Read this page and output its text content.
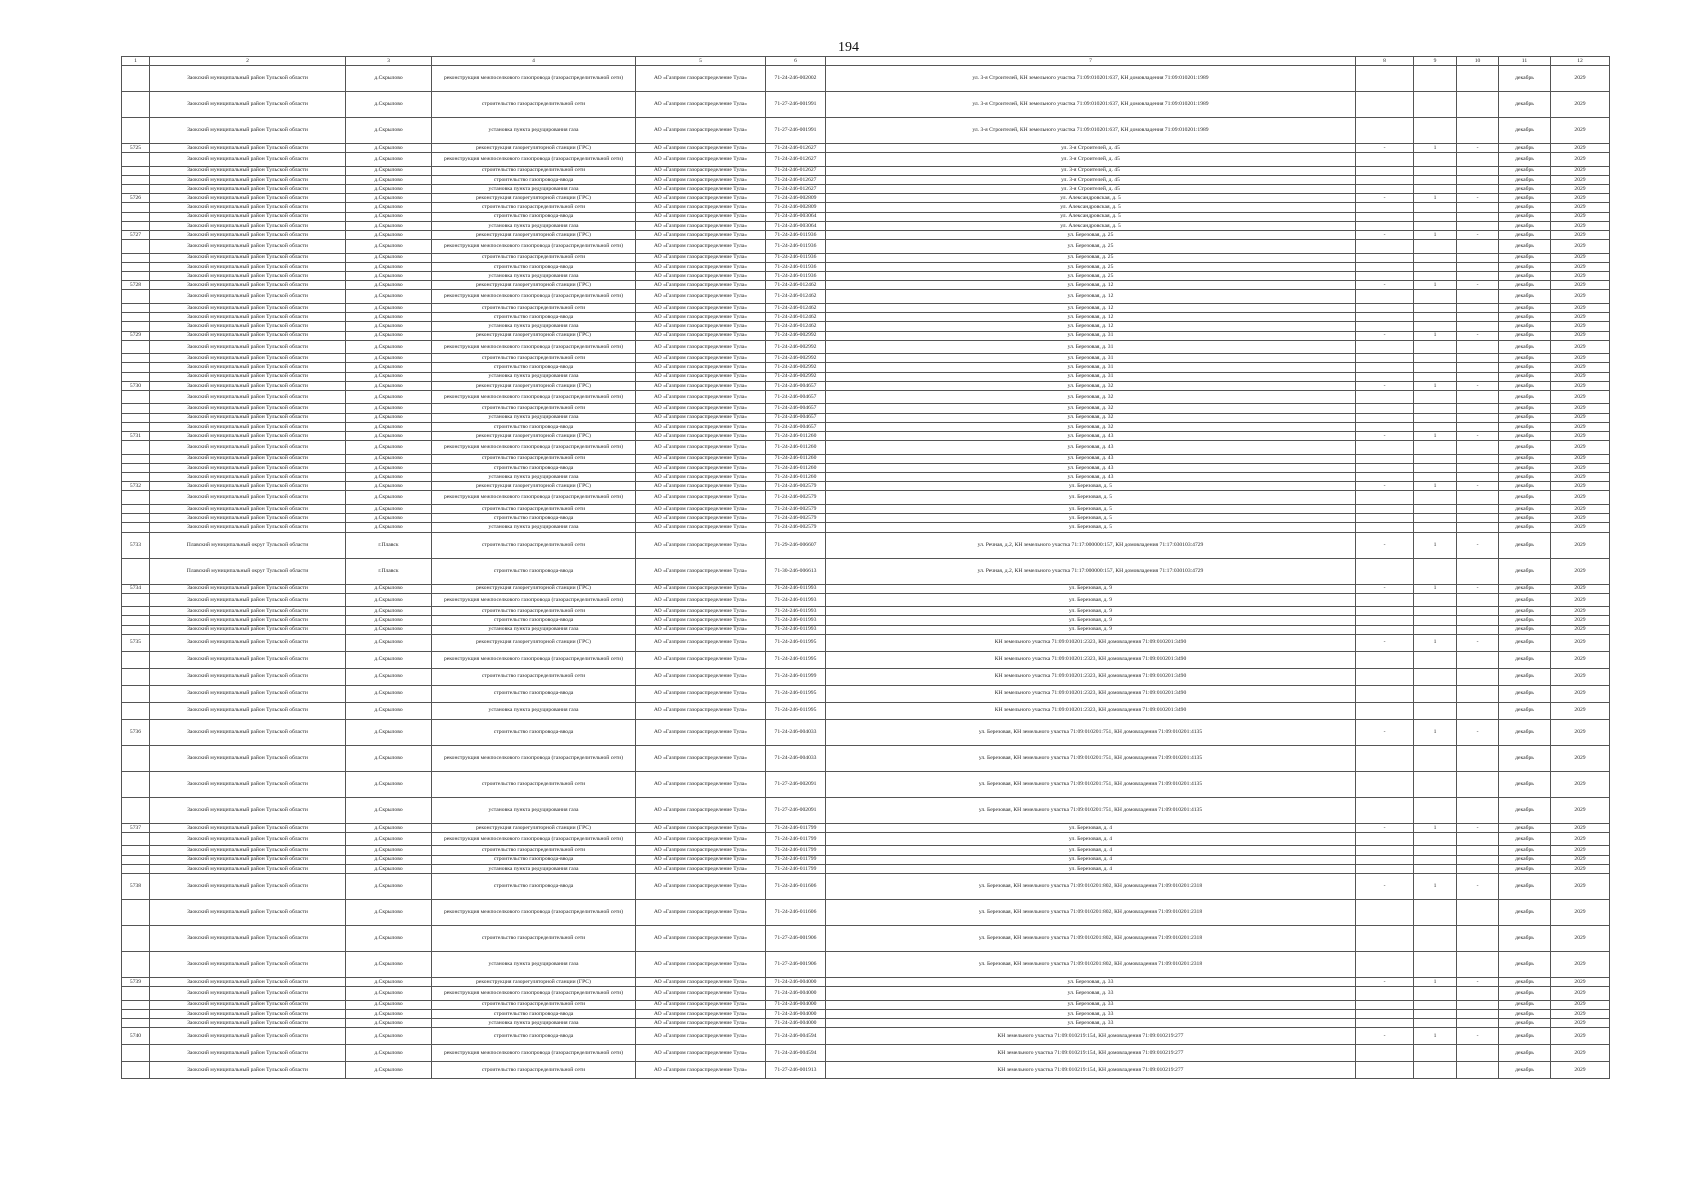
194
1	2	3	4	5	6	7	8	9	10	11	12
	Заокский муниципальный район Тульской области	д.Скрылово	реконструкция межпоселкового газопровода (газораспределительной сети)	АО «Газпром газораспределение Тула»	71-24-246-002002	ул. 3-я Строителей, КН земельного участка 71:09:010201:637, КН домовладения 71:09:010201:1989				декабрь	2029
	Заокский муниципальный район Тульской области	д.Скрылово	строительство газораспределительной сети	АО «Газпром газораспределение Тула»	71-27-246-001991	ул. 3-я Строителей, КН земельного участка 71:09:010201:637, КН домовладения 71:09:010201:1989				декабрь	2029
	Заокский муниципальный район Тульской области	д.Скрылово	установка пункта редуцирования газа	АО «Газпром газораспределение Тула»	71-27-246-001991	ул. 3-я Строителей, КН земельного участка 71:09:010201:637, КН домовладения 71:09:010201:1989				декабрь	2029
5725	Заокский муниципальный район Тульской области	д.Скрылово	реконструкция газорегуляторной станции (ГРС)	АО «Газпром газораспределение Тула»	71-24-246-012627	ул. 3-я Строителей, д. 45	-	1	-	декабрь	2029
	Заокский муниципальный район Тульской области	д.Скрылово	реконструкция межпоселкового газопровода (газораспределительной сети)	АО «Газпром газораспределение Тула»	71-24-246-012627	ул. 3-я Строителей, д. 45				декабрь	2029
	Заокский муниципальный район Тульской области	д.Скрылово	строительство газораспределительной сети	АО «Газпром газораспределение Тула»	71-24-246-012627	ул. 3-я Строителей, д. 45				декабрь	2029
	Заокский муниципальный район Тульской области	д.Скрылово	строительство газопровода-ввода	АО «Газпром газораспределение Тула»	71-24-246-012627	ул. 3-я Строителей, д. 45				декабрь	2029
	Заокский муниципальный район Тульской области	д.Скрылово	установка пункта редуцирования газа	АО «Газпром газораспределение Тула»	71-24-246-012627	ул. 3-я Строителей, д. 45				декабрь	2029
5726	Заокский муниципальный район Тульской области	д.Скрылово	реконструкция газорегуляторной станции (ГРС)	АО «Газпром газораспределение Тула»	71-24-246-002809	ул. Александровская, д. 5	-	1	-	декабрь	2029
	Заокский муниципальный район Тульской области	д.Скрылово	строительство газораспределительной сети	АО «Газпром газораспределение Тула»	71-24-246-002809	ул. Александровская, д. 5				декабрь	2029
	Заокский муниципальный район Тульской области	д.Скрылово	строительство газопровода-ввода	АО «Газпром газораспределение Тула»	71-24-246-003064	ул. Александровская, д. 5				декабрь	2029
	Заокский муниципальный район Тульской области	д.Скрылово	установка пункта редуцирования газа	АО «Газпром газораспределение Тула»	71-24-246-003064	ул. Александровская, д. 5				декабрь	2029
5727	Заокский муниципальный район Тульской области	д.Скрылово	реконструкция газорегуляторной станции (ГРС)	АО «Газпром газораспределение Тула»	71-24-246-011936	ул. Березовая, д. 25	-	1	-	декабрь	2029
	Заокский муниципальный район Тульской области	д.Скрылово	реконструкция межпоселкового газопровода (газораспределительной сети)	АО «Газпром газораспределение Тула»	71-24-246-011936	ул. Березовая, д. 25				декабрь	2029
	Заокский муниципальный район Тульской области	д.Скрылово	строительство газораспределительной сети	АО «Газпром газораспределение Тула»	71-24-246-011936	ул. Березовая, д. 25				декабрь	2029
	Заокский муниципальный район Тульской области	д.Скрылово	строительство газопровода-ввода	АО «Газпром газораспределение Тула»	71-24-246-011936	ул. Березовая, д. 25				декабрь	2029
	Заокский муниципальный район Тульской области	д.Скрылово	установка пункта редуцирования газа	АО «Газпром газораспределение Тула»	71-24-246-011936	ул. Березовая, д. 25				декабрь	2029
5728	Заокский муниципальный район Тульской области	д.Скрылово	реконструкция газорегуляторной станции (ГРС)	АО «Газпром газораспределение Тула»	71-24-246-012462	ул. Березовая, д. 12	-	1	-	декабрь	2029
	Заокский муниципальный район Тульской области	д.Скрылово	реконструкция межпоселкового газопровода (газораспределительной сети)	АО «Газпром газораспределение Тула»	71-24-246-012462	ул. Березовая, д. 12				декабрь	2029
	Заокский муниципальный район Тульской области	д.Скрылово	строительство газораспределительной сети	АО «Газпром газораспределение Тула»	71-24-246-012462	ул. Березовая, д. 12				декабрь	2029
	Заокский муниципальный район Тульской области	д.Скрылово	строительство газопровода-ввода	АО «Газпром газораспределение Тула»	71-24-246-012462	ул. Березовая, д. 12				декабрь	2029
	Заокский муниципальный район Тульской области	д.Скрылово	установка пункта редуцирования газа	АО «Газпром газораспределение Тула»	71-24-246-012462	ул. Березовая, д. 12				декабрь	2029
5729	Заокский муниципальный район Тульской области	д.Скрылово	реконструкция газорегуляторной станции (ГРС)	АО «Газпром газораспределение Тула»	71-24-246-002992	ул. Березовая, д. 31	-	1	-	декабрь	2029
	Заокский муниципальный район Тульской области	д.Скрылово	реконструкция межпоселкового газопровода (газораспределительной сети)	АО «Газпром газораспределение Тула»	71-24-246-002992	ул. Березовая, д. 31				декабрь	2029
	Заокский муниципальный район Тульской области	д.Скрылово	строительство газораспределительной сети	АО «Газпром газораспределение Тула»	71-24-246-002992	ул. Березовая, д. 31				декабрь	2029
	Заокский муниципальный район Тульской области	д.Скрылово	строительство газопровода-ввода	АО «Газпром газораспределение Тула»	71-24-246-002992	ул. Березовая, д. 31				декабрь	2029
	Заокский муниципальный район Тульской области	д.Скрылово	установка пункта редуцирования газа	АО «Газпром газораспределение Тула»	71-24-246-002992	ул. Березовая, д. 31				декабрь	2029
5730	Заокский муниципальный район Тульской области	д.Скрылово	реконструкция газорегуляторной станции (ГРС)	АО «Газпром газораспределение Тула»	71-24-246-004657	ул. Березовая, д. 32	-	1	-	декабрь	2029
	Заокский муниципальный район Тульской области	д.Скрылово	реконструкция межпоселкового газопровода (газораспределительной сети)	АО «Газпром газораспределение Тула»	71-24-246-004657	ул. Березовая, д. 32				декабрь	2029
	Заокский муниципальный район Тульской области	д.Скрылово	строительство газораспределительной сети	АО «Газпром газораспределение Тула»	71-24-246-004657	ул. Березовая, д. 32				декабрь	2029
	Заокский муниципальный район Тульской области	д.Скрылово	установка пункта редуцирования газа	АО «Газпром газораспределение Тула»	71-24-246-004657	ул. Березовая, д. 32				декабрь	2029
	Заокский муниципальный район Тульской области	д.Скрылово	строительство газопровода-ввода	АО «Газпром газораспределение Тула»	71-24-246-004657	ул. Березовая, д. 32				декабрь	2029
5731	Заокский муниципальный район Тульской области	д.Скрылово	реконструкция газорегуляторной станции (ГРС)	АО «Газпром газораспределение Тула»	71-24-246-011260	ул. Березовая, д. 43	-	1	-	декабрь	2029
	Заокский муниципальный район Тульской области	д.Скрылово	реконструкция межпоселкового газопровода (газораспределительной сети)	АО «Газпром газораспределение Тула»	71-24-246-011260	ул. Березовая, д. 43				декабрь	2029
	Заокский муниципальный район Тульской области	д.Скрылово	строительство газораспределительной сети	АО «Газпром газораспределение Тула»	71-24-246-011260	ул. Березовая, д. 43				декабрь	2029
	Заокский муниципальный район Тульской области	д.Скрылово	строительство газопровода-ввода	АО «Газпром газораспределение Тула»	71-24-246-011260	ул. Березовая, д. 43				декабрь	2029
	Заокский муниципальный район Тульской области	д.Скрылово	установка пункта редуцирования газа	АО «Газпром газораспределение Тула»	71-24-246-011260	ул. Березовая, д. 43				декабрь	2029
5732	Заокский муниципальный район Тульской области	д.Скрылово	реконструкция газорегуляторной станции (ГРС)	АО «Газпром газораспределение Тула»	71-24-246-002579	ул. Березовая, д. 5	-	1	-	декабрь	2029
	Заокский муниципальный район Тульской области	д.Скрылово	реконструкция межпоселкового газопровода (газораспределительной сети)	АО «Газпром газораспределение Тула»	71-24-246-002579	ул. Березовая, д. 5				декабрь	2029
	Заокский муниципальный район Тульской области	д.Скрылово	строительство газораспределительной сети	АО «Газпром газораспределение Тула»	71-24-246-002579	ул. Березовая, д. 5				декабрь	2029
	Заокский муниципальный район Тульской области	д.Скрылово	строительство газопровода-ввода	АО «Газпром газораспределение Тула»	71-24-246-002579	ул. Березовая, д. 5				декабрь	2029
	Заокский муниципальный район Тульской области	д.Скрылово	установка пункта редуцирования газа	АО «Газпром газораспределение Тула»	71-24-246-002579	ул. Березовая, д. 5				декабрь	2029
5733	Плавский муниципальный округ Тульской области	г.Плавск	строительство газораспределительной сети	АО «Газпром газораспределение Тула»	71-29-246-006607	ул. Речная, д.2, КН земельного участка 71:17:000000:157, КН домовладения 71:17:030103:4729	-	1	-	декабрь	2029
	Плавский муниципальный округ Тульской области	г.Плавск	строительство газопровода-ввода	АО «Газпром газораспределение Тула»	71-30-246-006613	ул. Речная, д.2, КН земельного участка 71:17:000000:157, КН домовладения 71:17:030103:4729				декабрь	2029
5734	Заокский муниципальный район Тульской области	д.Скрылово	реконструкция газорегуляторной станции (ГРС)	АО «Газпром газораспределение Тула»	71-24-246-011993	ул. Березовая, д. 9	-	1	-	декабрь	2029
	Заокский муниципальный район Тульской области	д.Скрылово	реконструкция межпоселкового газопровода (газораспределительной сети)	АО «Газпром газораспределение Тула»	71-24-246-011993	ул. Березовая, д. 9				декабрь	2029
	Заокский муниципальный район Тульской области	д.Скрылово	строительство газораспределительной сети	АО «Газпром газораспределение Тула»	71-24-246-011993	ул. Березовая, д. 9				декабрь	2029
	Заокский муниципальный район Тульской области	д.Скрылово	строительство газопровода-ввода	АО «Газпром газораспределение Тула»	71-24-246-011993	ул. Березовая, д. 9				декабрь	2029
	Заокский муниципальный район Тульской области	д.Скрылово	установка пункта редуцирования газа	АО «Газпром газораспределение Тула»	71-24-246-011993	ул. Березовая, д. 9				декабрь	2029
5735	Заокский муниципальный район Тульской области	д.Скрылово	реконструкция газорегуляторной станции (ГРС)	АО «Газпром газораспределение Тула»	71-24-246-011995	КН земельного участка 71:09:010201:2323, КН домовладения 71:09:010201:3490	-	1	-	декабрь	2029
	Заокский муниципальный район Тульской области	д.Скрылово	реконструкция межпоселкового газопровода (газораспределительной сети)	АО «Газпром газораспределение Тула»	71-24-246-011995	КН земельного участка 71:09:010201:2323, КН домовладения 71:09:010201:3490				декабрь	2029
	Заокский муниципальный район Тульской области	д.Скрылово	строительство газораспределительной сети	АО «Газпром газораспределение Тула»	71-24-246-011999	КН земельного участка 71:09:010201:2323, КН домовладения 71:09:010201:3490				декабрь	2029
	Заокский муниципальный район Тульской области	д.Скрылово	строительство газопровода-ввода	АО «Газпром газораспределение Тула»	71-24-246-011995	КН земельного участка 71:09:010201:2323, КН домовладения 71:09:010201:3490				декабрь	2029
	Заокский муниципальный район Тульской области	д.Скрылово	установка пункта редуцирования газа	АО «Газпром газораспределение Тула»	71-24-246-011995	КН земельного участка 71:09:010201:2323, КН домовладения 71:09:010201:3490				декабрь	2029
5736	Заокский муниципальный район Тульской области	д.Скрылово	строительство газопровода-ввода	АО «Газпром газораспределение Тула»	71-24-246-004033	ул. Березовая, КН земельного участка 71:09:010201:751, КН домовладения 71:09:010201:4135	-	1	-	декабрь	2029
	Заокский муниципальный район Тульской области	д.Скрылово	реконструкция межпоселкового газопровода (газораспределительной сети)	АО «Газпром газораспределение Тула»	71-24-246-004033	ул. Березовая, КН земельного участка 71:09:010201:751, КН домовладения 71:09:010201:4135				декабрь	2029
	Заокский муниципальный район Тульской области	д.Скрылово	строительство газораспределительной сети	АО «Газпром газораспределение Тула»	71-27-246-002091	ул. Березовая, КН земельного участка 71:09:010201:751, КН домовладения 71:09:010201:4135				декабрь	2029
	Заокский муниципальный район Тульской области	д.Скрылово	установка пункта редуцирования газа	АО «Газпром газораспределение Тула»	71-27-246-002091	ул. Березовая, КН земельного участка 71:09:010201:751, КН домовладения 71:09:010201:4135				декабрь	2029
5737	Заокский муниципальный район Тульской области	д.Скрылово	реконструкция газорегуляторной станции (ГРС)	АО «Газпром газораспределение Тула»	71-24-246-011799	ул. Березовая, д. 4	-	1	-	декабрь	2029
	Заокский муниципальный район Тульской области	д.Скрылово	реконструкция межпоселкового газопровода (газораспределительной сети)	АО «Газпром газораспределение Тула»	71-24-246-011799	ул. Березовая, д. 4				декабрь	2029
	Заокский муниципальный район Тульской области	д.Скрылово	строительство газораспределительной сети	АО «Газпром газораспределение Тула»	71-24-246-011799	ул. Березовая, д. 4				декабрь	2029
	Заокский муниципальный район Тульской области	д.Скрылово	строительство газопровода-ввода	АО «Газпром газораспределение Тула»	71-24-246-011799	ул. Березовая, д. 4				декабрь	2029
	Заокский муниципальный район Тульской области	д.Скрылово	установка пункта редуцирования газа	АО «Газпром газораспределение Тула»	71-24-246-011799	ул. Березовая, д. 4				декабрь	2029
5738	Заокский муниципальный район Тульской области	д.Скрылово	строительство газопровода-ввода	АО «Газпром газораспределение Тула»	71-24-246-011606	ул. Березовая, КН земельного участка 71:09:010201:802, КН домовладения 71:09:010201:2318	-	1	-	декабрь	2029
	Заокский муниципальный район Тульской области	д.Скрылово	реконструкция межпоселкового газопровода (газораспределительной сети)	АО «Газпром газораспределение Тула»	71-24-246-011606	ул. Березовая, КН земельного участка 71:09:010201:802, КН домовладения 71:09:010201:2318				декабрь	2029
	Заокский муниципальный район Тульской области	д.Скрылово	строительство газораспределительной сети	АО «Газпром газораспределение Тула»	71-27-246-001906	ул. Березовая, КН земельного участка 71:09:010201:802, КН домовладения 71:09:010201:2318				декабрь	2029
	Заокский муниципальный район Тульской области	д.Скрылово	установка пункта редуцирования газа	АО «Газпром газораспределение Тула»	71-27-246-001906	ул. Березовая, КН земельного участка 71:09:010201:802, КН домовладения 71:09:010201:2318				декабрь	2029
5739	Заокский муниципальный район Тульской области	д.Скрылово	реконструкция газорегуляторной станции (ГРС)	АО «Газпром газораспределение Тула»	71-24-246-004000	ул. Березовая, д. 33	-	1	-	декабрь	2029
	Заокский муниципальный район Тульской области	д.Скрылово	реконструкция межпоселкового газопровода (газораспределительной сети)	АО «Газпром газораспределение Тула»	71-24-246-004000	ул. Березовая, д. 33				декабрь	2029
	Заокский муниципальный район Тульской области	д.Скрылово	строительство газораспределительной сети	АО «Газпром газораспределение Тула»	71-24-246-004000	ул. Березовая, д. 33				декабрь	2029
	Заокский муниципальный район Тульской области	д.Скрылово	строительство газопровода-ввода	АО «Газпром газораспределение Тула»	71-24-246-004000	ул. Березовая, д. 33				декабрь	2029
	Заокский муниципальный район Тульской области	д.Скрылово	установка пункта редуцирования газа	АО «Газпром газораспределение Тула»	71-24-246-004000	ул. Березовая, д. 33				декабрь	2029
5740	Заокский муниципальный район Тульской области	д.Скрылово	строительство газопровода-ввода	АО «Газпром газораспределение Тула»	71-24-246-004594	КН земельного участка 71:09:010219:154, КН домовладения 71:09:010219:277	-	1	-	декабрь	2029
	Заокский муниципальный район Тульской области	д.Скрылово	реконструкция межпоселкового газопровода (газораспределительной сети)	АО «Газпром газораспределение Тула»	71-24-246-004594	КН земельного участка 71:09:010219:154, КН домовладения 71:09:010219:277				декабрь	2029
	Заокский муниципальный район Тульской области	д.Скрылово	строительство газораспределительной сети	АО «Газпром газораспределение Тула»	71-27-246-001913	КН земельного участка 71:09:010219:154, КН домовладения 71:09:010219:277				декабрь	2029
